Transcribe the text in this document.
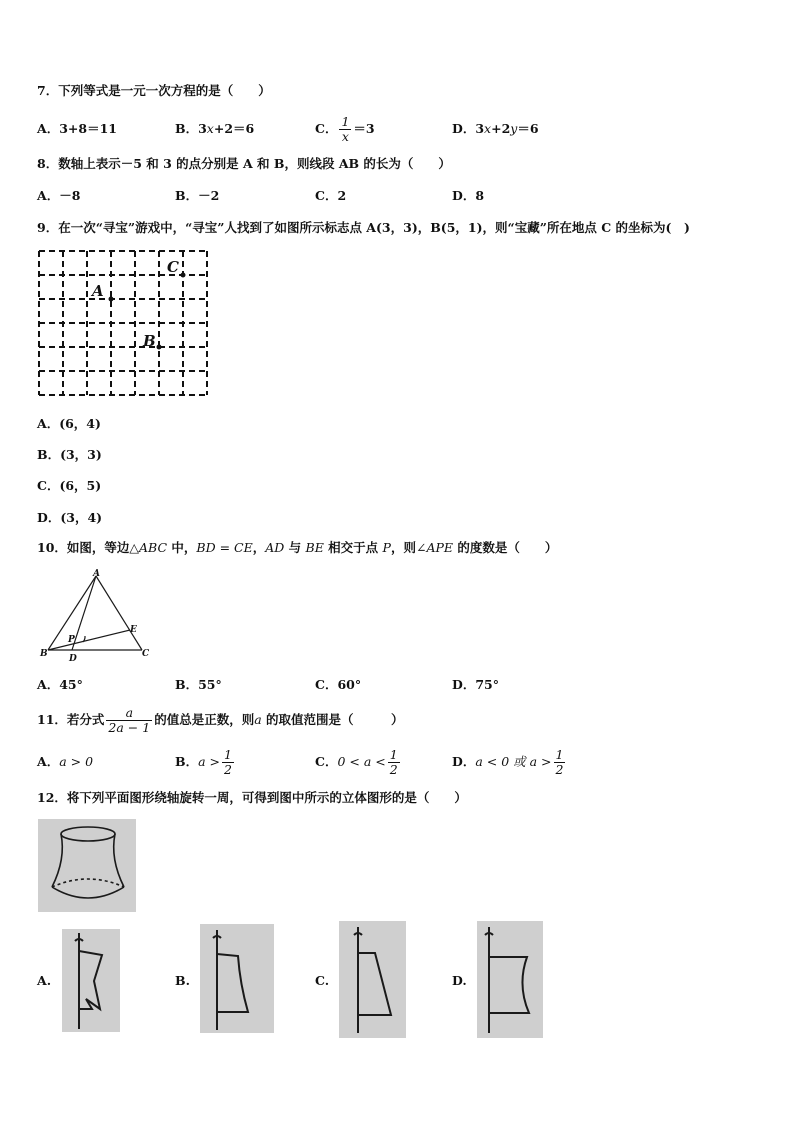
7．下列等式是一元一次方程的是（　　）
A．3+8＝11	B．3x+2＝6	C． $\frac{1}{x} =3$	D．3x+2y＝6
8．数轴上表示－5 和 3 的点分别是 A 和 B，则线段 AB 的长为（　　）
A．－8	B．－2	C．2	D．8
9．在一次“寻宝”游戏中，“寻宝”人找到了如图所示标志点 A(3，3)，B(5，1)，则“宝藏”所在地点 C 的坐标为(　)
A
B
C
A．(6，4)
B．(3，3)
C．(6，5)
D．(3，4)
10．如图，等边△ABC 中，BD = CE，AD 与 BE 相交于点 P，则∠APE 的度数是（　　）
A
B	C
D
E
P
A．45°	B．55°	C．60°	D．75°
11．若分式 $\frac{a}{2a - 1}$ 的值总是正数，则a 的取值范围是（　　　）
A．a > 0	B．$a > \frac{1}{2}$	C．$0 < a < \frac{1}{2}$	D．a < 0 或 $a > \frac{1}{2}$
12．将下列平面图形绕轴旋转一周，可得到图中所示的立体图形的是（　　）
A.	B.	C.	D.
